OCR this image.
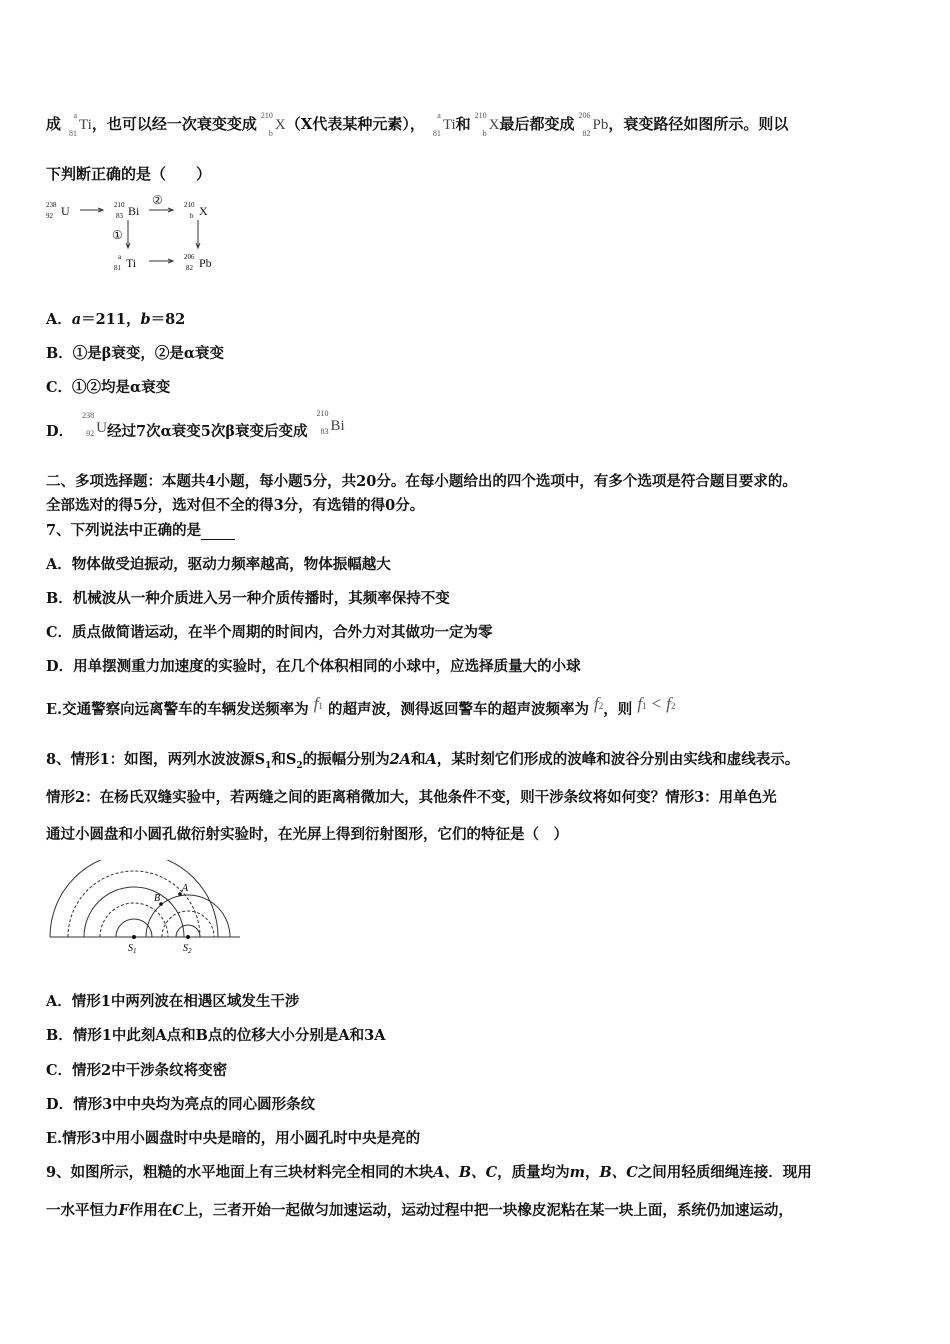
成	a
81
Ti，也可以经一次衰变变成 210
b
X（X代表某种元素），	a
81
Ti和 210
b
X最后都变成 206
82
Pb，衰变路径如图所示。则以
下判断正确的是（　　）
238
92 U	210
83 Bi	210
b X
a
81 Ti	206
82 Pb
①
②
A．a＝211，b＝82
B．①是β衰变，②是α衰变
C．①②均是α衰变
D．
238
92 U经过7次α衰变5次β衰变后变成
210
83 Bi
二、多项选择题：本题共4小题，每小题5分，共20分。在每小题给出的四个选项中，有多个选项是符合题目要求的。
全部选对的得5分，选对但不全的得3分，有选错的得0分。
7、下列说法中正确的是
A．物体做受迫振动，驱动力频率越高，物体振幅越大
B．机械波从一种介质进入另一种介质传播时，其频率保持不变
C．质点做简谐运动，在半个周期的时间内，合外力对其做功一定为零
D．用单摆测重力加速度的实验时，在几个体积相同的小球中，应选择质量大的小球
E.交通警察向远离警车的车辆发送频率为 f1 的超声波，测得返回警车的超声波频率为 f2，则 f1 < f2
8、情形1：如图，两列水波波源$S_1$和$S_2$的振幅分别为2A和A，某时刻它们形成的波峰和波谷分别由实线和虚线表示。
情形2：在杨氏双缝实验中，若两缝之间的距离稍微加大，其他条件不变，则干涉条纹将如何变？情形3：用单色光
通过小圆盘和小圆孔做衍射实验时，在光屏上得到衍射图形，它们的特征是（　）
A
B
$S_1$	$S_2$
A．情形1中两列波在相遇区域发生干涉
B．情形1中此刻A点和B点的位移大小分别是A和3A
C．情形2中干涉条纹将变密
D．情形3中中央均为亮点的同心圆形条纹
E.情形3中用小圆盘时中央是暗的，用小圆孔时中央是亮的
9、如图所示，粗糙的水平地面上有三块材料完全相同的木块A、B、C，质量均为m，B、C之间用轻质细绳连接．现用
一水平恒力F作用在C上，三者开始一起做匀加速运动，运动过程中把一块橡皮泥粘在某一块上面，系统仍加速运动，
